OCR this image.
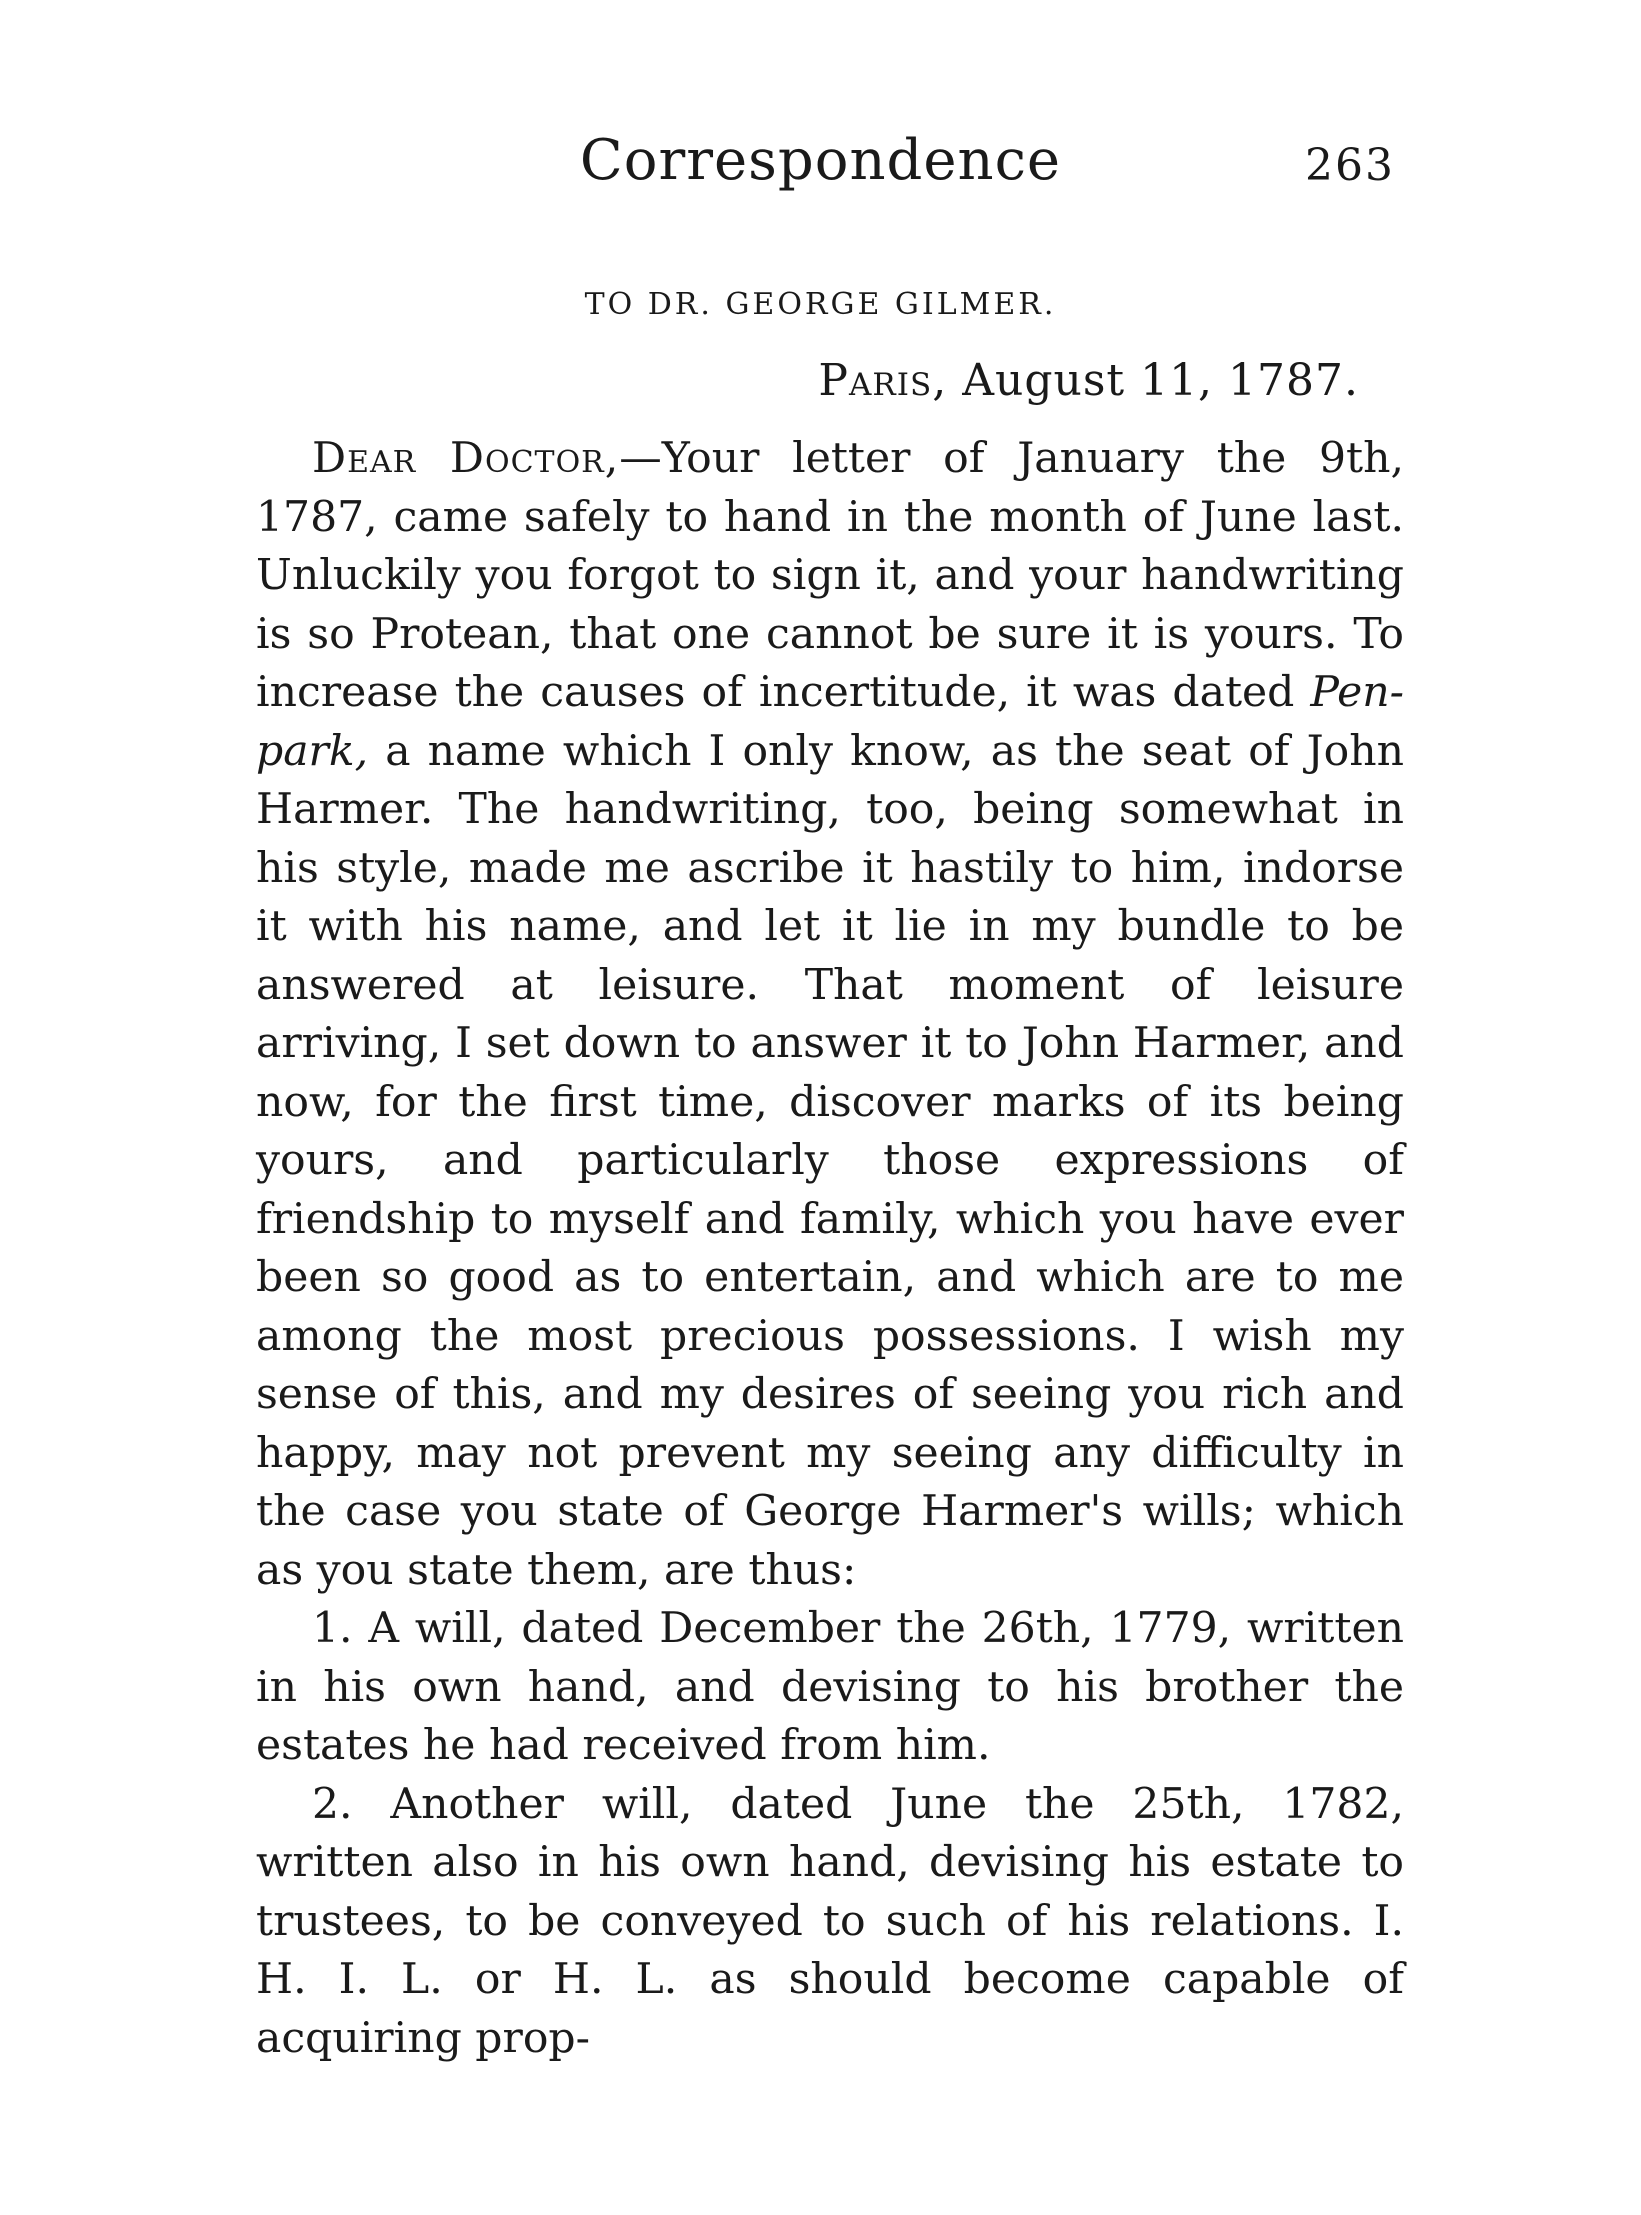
Correspondence	263
TO DR. GEORGE GILMER.
Paris, August 11, 1787.

Dear Doctor,—Your letter of January the 9th, 1787, came safely to hand in the month of June last. Unluckily you forgot to sign it, and your handwriting is so Protean, that one cannot be sure it is yours. To increase the causes of incertitude, it was dated Pen-park, a name which I only know, as the seat of John Harmer. The handwriting, too, being somewhat in his style, made me ascribe it hastily to him, indorse it with his name, and let it lie in my bundle to be answered at leisure. That moment of leisure arriving, I set down to answer it to John Harmer, and now, for the first time, discover marks of its being yours, and particularly those expressions of friendship to myself and family, which you have ever been so good as to entertain, and which are to me among the most precious possessions. I wish my sense of this, and my desires of seeing you rich and happy, may not prevent my seeing any difficulty in the case you state of George Harmer's wills; which as you state them, are thus:

1. A will, dated December the 26th, 1779, written in his own hand, and devising to his brother the estates he had received from him.

2. Another will, dated June the 25th, 1782, written also in his own hand, devising his estate to trustees, to be conveyed to such of his relations. I. H. I. L. or H. L. as should become capable of acquiring prop-
